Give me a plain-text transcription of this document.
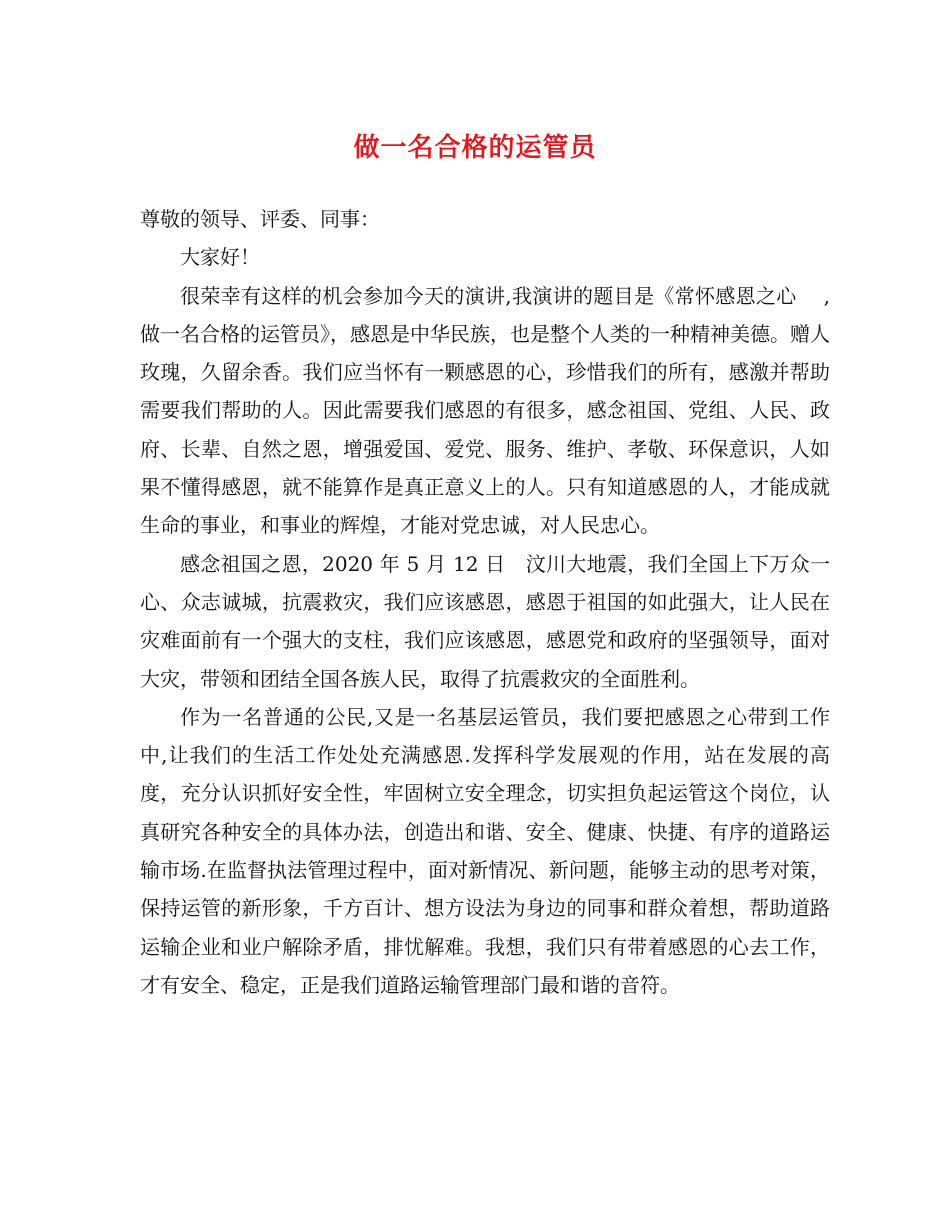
做一名合格的运管员

尊敬的领导、评委、同事：

大家好！

很荣幸有这样的机会参加今天的演讲,我演讲的题目是《常怀感恩之心　 ,做一名合格的运管员》，感恩是中华民族，也是整个人类的一种精神美德。赠人玫瑰，久留余香。我们应当怀有一颗感恩的心，珍惜我们的所有，感激并帮助需要我们帮助的人。因此需要我们感恩的有很多，感念祖国、党组、人民、政府、长辈、自然之恩，增强爱国、爱党、服务、维护、孝敬、环保意识，人如果不懂得感恩，就不能算作是真正意义上的人。只有知道感恩的人，才能成就生命的事业，和事业的辉煌，才能对党忠诚，对人民忠心。

感念祖国之恩，2020 年 5 月 12 日　汶川大地震，我们全国上下万众一心、众志诚城，抗震救灾，我们应该感恩，感恩于祖国的如此强大，让人民在灾难面前有一个强大的支柱，我们应该感恩，感恩党和政府的坚强领导，面对大灾，带领和团结全国各族人民，取得了抗震救灾的全面胜利。

作为一名普通的公民,又是一名基层运管员，我们要把感恩之心带到工作中,让我们的生活工作处处充满感恩.发挥科学发展观的作用，站在发展的高度，充分认识抓好安全性，牢固树立安全理念，切实担负起运管这个岗位，认真研究各种安全的具体办法，创造出和谐、安全、健康、快捷、有序的道路运输市场.在监督执法管理过程中，面对新情况、新问题，能够主动的思考对策，保持运管的新形象，千方百计、想方设法为身边的同事和群众着想，帮助道路运输企业和业户解除矛盾，排忧解难。我想，我们只有带着感恩的心去工作，才有安全、稳定，正是我们道路运输管理部门最和谐的音符。
